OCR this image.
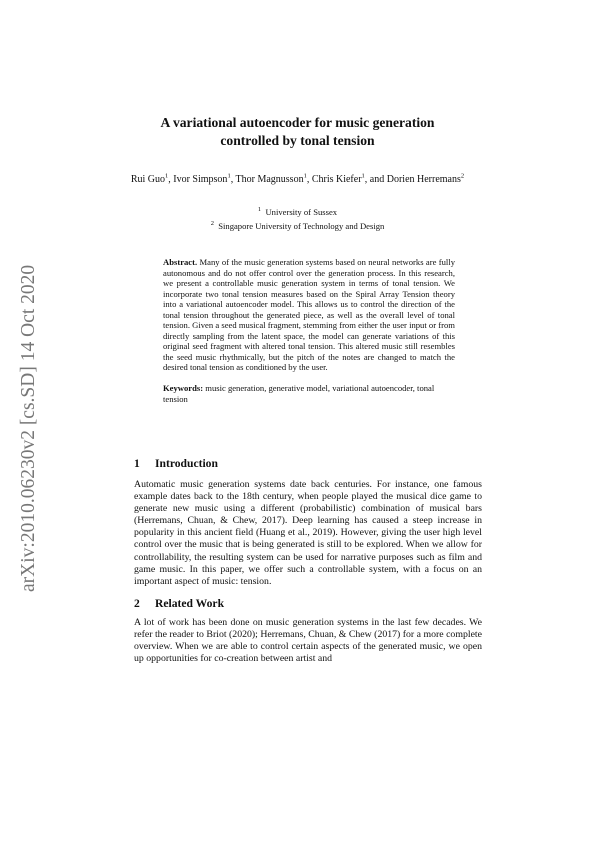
arXiv:2010.06230v2 [cs.SD] 14 Oct 2020
A variational autoencoder for music generation
controlled by tonal tension

Rui Guo$^1$, Ivor Simpson$^1$, Thor Magnusson$^1$, Chris Kiefer$^1$, and Dorien Herremans$^2$

$^1$ University of Sussex
$^2$ Singapore University of Technology and Design

Abstract. Many of the music generation systems based on neural networks are fully autonomous and do not offer control over the generation process. In this research, we present a controllable music generation system in terms of tonal tension. We incorporate two tonal tension measures based on the Spiral Array Tension theory into a variational autoencoder model. This allows us to control the direction of the tonal tension throughout the generated piece, as well as the overall level of tonal tension. Given a seed musical fragment, stemming from either the user input or from directly sampling from the latent space, the model can generate variations of this original seed fragment with altered tonal tension. This altered music still resembles the seed music rhythmically, but the pitch of the notes are changed to match the desired tonal tension as conditioned by the user.

Keywords: music generation, generative model, variational autoencoder, tonal tension

1 Introduction

Automatic music generation systems date back centuries. For instance, one famous example dates back to the 18th century, when people played the musical dice game to generate new music using a different (probabilistic) combination of musical bars (Herremans, Chuan, & Chew, 2017). Deep learning has caused a steep increase in popularity in this ancient field (Huang et al., 2019). However, giving the user high level control over the music that is being generated is still to be explored. When we allow for controllability, the resulting system can be used for narrative purposes such as film and game music. In this paper, we offer such a controllable system, with a focus on an important aspect of music: tension.

2 Related Work

A lot of work has been done on music generation systems in the last few decades. We refer the reader to Briot (2020); Herremans, Chuan, & Chew (2017) for a more complete overview. When we are able to control certain aspects of the generated music, we open up opportunities for co-creation between artist and
